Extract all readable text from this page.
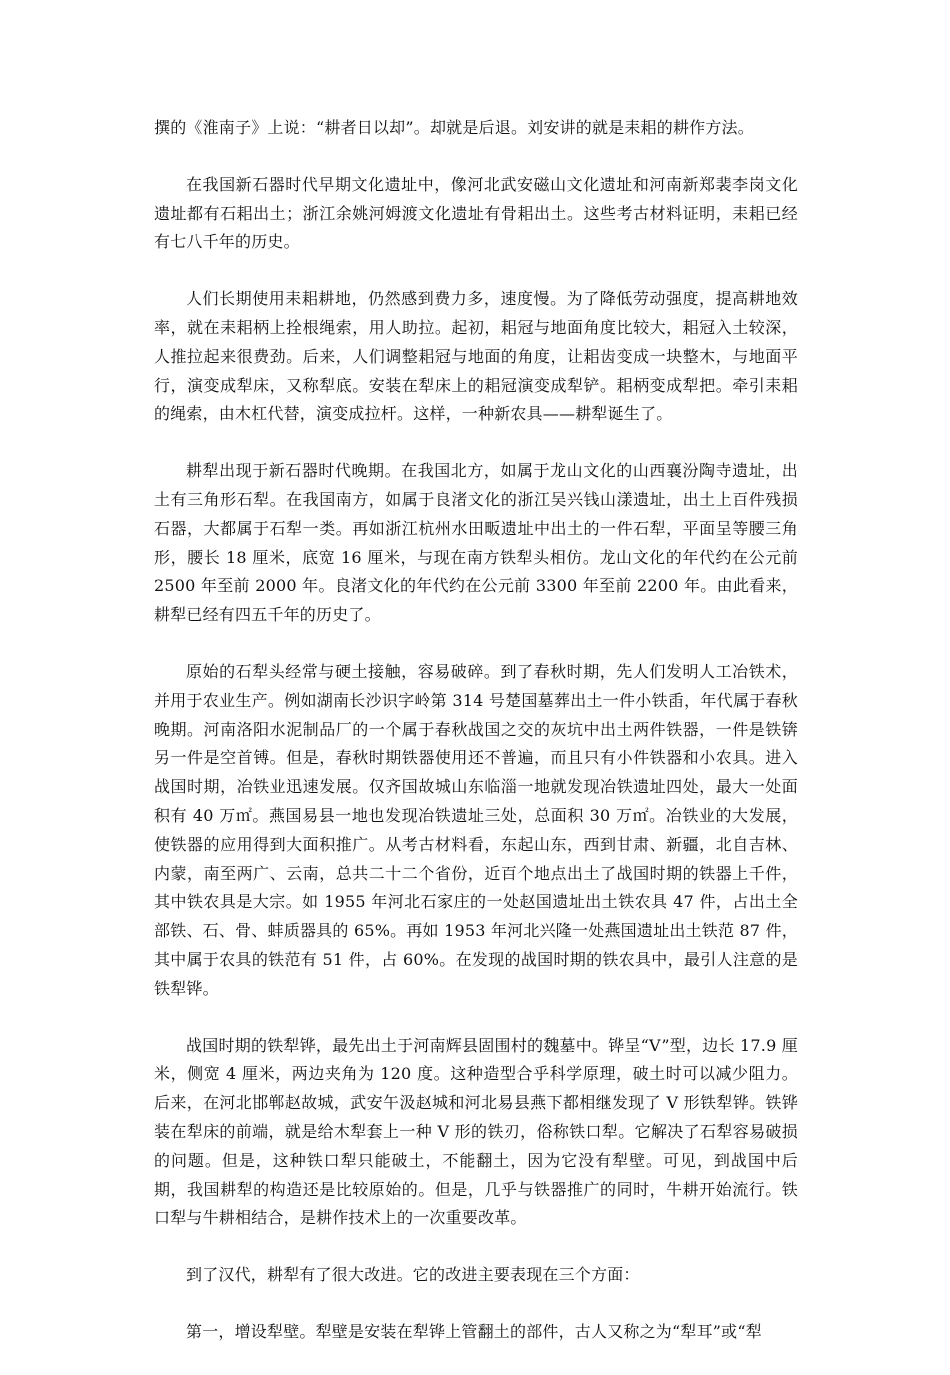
撰的《淮南子》上说：“耕者日以却”。却就是后退。刘安讲的就是耒耜的耕作方法。

在我国新石器时代早期文化遗址中，像河北武安磁山文化遗址和河南新郑裴李岗文化遗址都有石耜出土；浙江余姚河姆渡文化遗址有骨耜出土。这些考古材料证明，耒耜已经有七八千年的历史。

人们长期使用耒耜耕地，仍然感到费力多，速度慢。为了降低劳动强度，提高耕地效率，就在耒耜柄上拴根绳索，用人助拉。起初，耜冠与地面角度比较大，耜冠入土较深，人推拉起来很费劲。后来，人们调整耜冠与地面的角度，让耜齿变成一块整木，与地面平行，演变成犁床，又称犁底。安装在犁床上的耜冠演变成犁铲。耜柄变成犁把。牵引耒耜的绳索，由木杠代替，演变成拉杆。这样，一种新农具——耕犁诞生了。

耕犁出现于新石器时代晚期。在我国北方，如属于龙山文化的山西襄汾陶寺遗址，出土有三角形石犁。在我国南方，如属于良渚文化的浙江吴兴钱山漾遗址，出土上百件残损石器，大都属于石犁一类。再如浙江杭州水田畈遗址中出土的一件石犁，平面呈等腰三角形，腰长 18 厘米，底宽 16 厘米，与现在南方铁犁头相仿。龙山文化的年代约在公元前 2500 年至前 2000 年。良渚文化的年代约在公元前 3300 年至前 2200 年。由此看来，耕犁已经有四五千年的历史了。

原始的石犁头经常与硬土接触，容易破碎。到了春秋时期，先人们发明人工冶铁术，并用于农业生产。例如湖南长沙识字岭第 314 号楚国墓葬出土一件小铁臿，年代属于春秋晚期。河南洛阳水泥制品厂的一个属于春秋战国之交的灰坑中出土两件铁器，一件是铁锛另一件是空首镈。但是，春秋时期铁器使用还不普遍，而且只有小件铁器和小农具。进入战国时期，冶铁业迅速发展。仅齐国故城山东临淄一地就发现冶铁遗址四处，最大一处面积有 40 万㎡。燕国易县一地也发现冶铁遗址三处，总面积 30 万㎡。冶铁业的大发展，使铁器的应用得到大面积推广。从考古材料看，东起山东，西到甘肃、新疆，北自吉林、内蒙，南至两广、云南，总共二十二个省份，近百个地点出土了战国时期的铁器上千件，其中铁农具是大宗。如 1955 年河北石家庄的一处赵国遗址出土铁农具 47 件，占出土全部铁、石、骨、蚌质器具的 65%。再如 1953 年河北兴隆一处燕国遗址出土铁范 87 件，其中属于农具的铁范有 51 件，占 60%。在发现的战国时期的铁农具中，最引人注意的是铁犁铧。

战国时期的铁犁铧，最先出土于河南辉县固围村的魏墓中。铧呈“V”型，边长 17.9 厘米，侧宽 4 厘米，两边夹角为 120 度。这种造型合乎科学原理，破土时可以减少阻力。后来，在河北邯郸赵故城，武安午汲赵城和河北易县燕下都相继发现了 V 形铁犁铧。铁铧装在犁床的前端，就是给木犁套上一种 V 形的铁刃，俗称铁口犁。它解决了石犁容易破损的问题。但是，这种铁口犁只能破土，不能翻土，因为它没有犁壁。可见，到战国中后期，我国耕犁的构造还是比较原始的。但是，几乎与铁器推广的同时，牛耕开始流行。铁口犁与牛耕相结合，是耕作技术上的一次重要改革。

到了汉代，耕犁有了很大改进。它的改进主要表现在三个方面：

第一，增设犁壁。犁壁是安装在犁铧上管翻土的部件，古人又称之为“犁耳”或“犁
